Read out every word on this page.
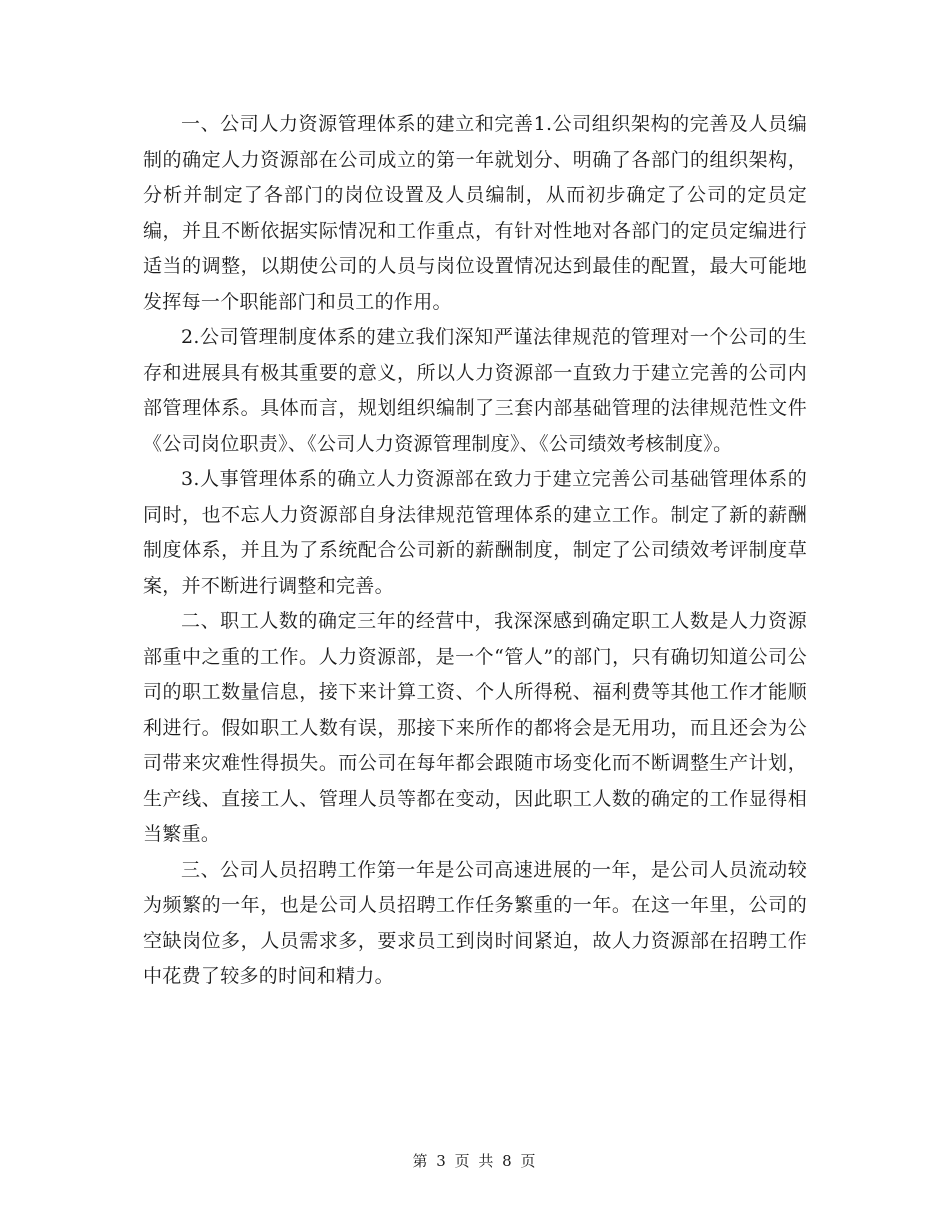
一、公司人力资源管理体系的建立和完善1.公司组织架构的完善及人员编制的确定人力资源部在公司成立的第一年就划分、明确了各部门的组织架构，分析并制定了各部门的岗位设置及人员编制，从而初步确定了公司的定员定编，并且不断依据实际情况和工作重点，有针对性地对各部门的定员定编进行适当的调整，以期使公司的人员与岗位设置情况达到最佳的配置，最大可能地发挥每一个职能部门和员工的作用。

2.公司管理制度体系的建立我们深知严谨法律规范的管理对一个公司的生存和进展具有极其重要的意义，所以人力资源部一直致力于建立完善的公司内部管理体系。具体而言，规划组织编制了三套内部基础管理的法律规范性文件《公司岗位职责》、《公司人力资源管理制度》、《公司绩效考核制度》。

3.人事管理体系的确立人力资源部在致力于建立完善公司基础管理体系的同时，也不忘人力资源部自身法律规范管理体系的建立工作。制定了新的薪酬制度体系，并且为了系统配合公司新的薪酬制度，制定了公司绩效考评制度草案，并不断进行调整和完善。

二、职工人数的确定三年的经营中，我深深感到确定职工人数是人力资源部重中之重的工作。人力资源部，是一个“管人”的部门，只有确切知道公司公司的职工数量信息，接下来计算工资、个人所得税、福利费等其他工作才能顺利进行。假如职工人数有误，那接下来所作的都将会是无用功，而且还会为公司带来灾难性得损失。而公司在每年都会跟随市场变化而不断调整生产计划，生产线、直接工人、管理人员等都在变动，因此职工人数的确定的工作显得相当繁重。

三、公司人员招聘工作第一年是公司高速进展的一年，是公司人员流动较为频繁的一年，也是公司人员招聘工作任务繁重的一年。在这一年里，公司的空缺岗位多，人员需求多，要求员工到岗时间紧迫，故人力资源部在招聘工作中花费了较多的时间和精力。

第 3 页 共 8 页
